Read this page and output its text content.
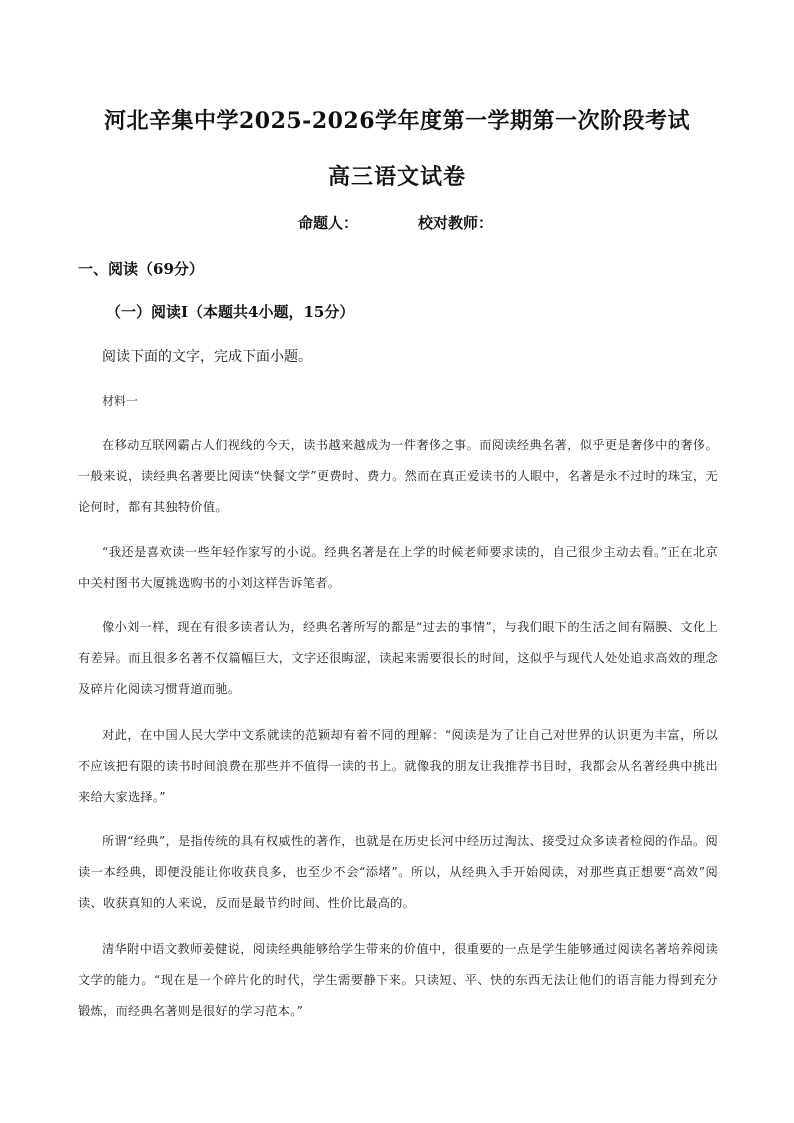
河北辛集中学2025-2026学年度第一学期第一次阶段考试
高三语文试卷
命题人：	校对教师：
一、阅读（69分）
（一）阅读Ⅰ（本题共4小题，15分）
阅读下面的文字，完成下面小题。
材料一
在移动互联网霸占人们视线的今天，读书越来越成为一件奢侈之事。而阅读经典名著，似乎更是奢侈中的奢侈。一般来说，读经典名著要比阅读“快餐文学”更费时、费力。然而在真正爱读书的人眼中，名著是永不过时的珠宝，无论何时，都有其独特价值。
“我还是喜欢读一些年轻作家写的小说。经典名著是在上学的时候老师要求读的，自己很少主动去看。”正在北京中关村图书大厦挑选购书的小刘这样告诉笔者。
像小刘一样，现在有很多读者认为，经典名著所写的都是“过去的事情”，与我们眼下的生活之间有隔膜、文化上有差异。而且很多名著不仅篇幅巨大，文字还很晦涩，读起来需要很长的时间，这似乎与现代人处处追求高效的理念及碎片化阅读习惯背道而驰。
对此，在中国人民大学中文系就读的范颖却有着不同的理解：“阅读是为了让自己对世界的认识更为丰富，所以不应该把有限的读书时间浪费在那些并不值得一读的书上。就像我的朋友让我推荐书目时，我都会从名著经典中挑出来给大家选择。”
所谓“经典”，是指传统的具有权威性的著作，也就是在历史长河中经历过淘汰、接受过众多读者检阅的作品。阅读一本经典，即便没能让你收获良多，也至少不会“添堵”。所以，从经典入手开始阅读，对那些真正想要“高效”阅读、收获真知的人来说，反而是最节约时间、性价比最高的。
清华附中语文教师姜健说，阅读经典能够给学生带来的价值中，很重要的一点是学生能够通过阅读名著培养阅读文学的能力。“现在是一个碎片化的时代，学生需要静下来。只读短、平、快的东西无法让他们的语言能力得到充分锻炼，而经典名著则是很好的学习范本。”
